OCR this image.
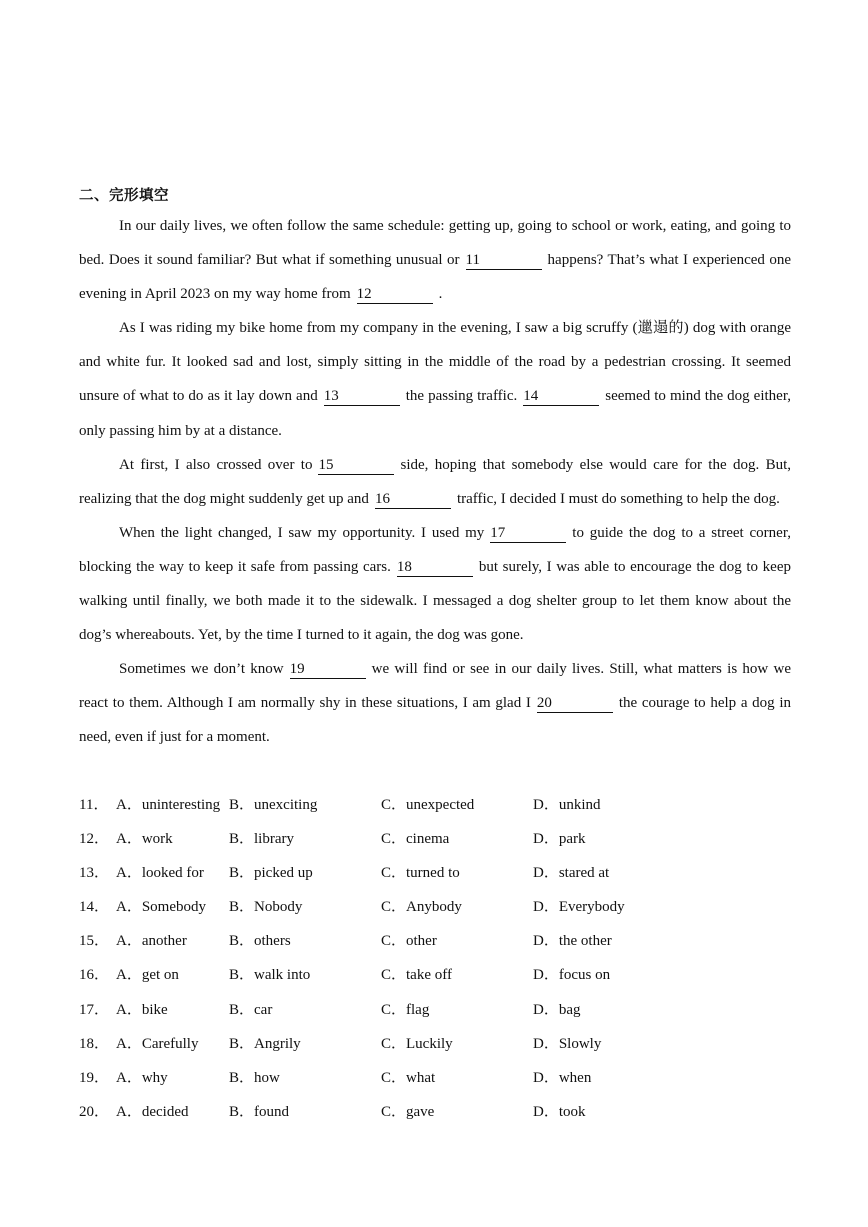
二、完形填空

In our daily lives, we often follow the same schedule: getting up, going to school or work, eating, and going to bed. Does it sound familiar? But what if something unusual or 11	happens? That’s what I experienced one evening in April 2023 on my way home from 12	.

As I was riding my bike home from my company in the evening, I saw a big scruffy (邋遢的) dog with orange and white fur. It looked sad and lost, simply sitting in the middle of the road by a pedestrian crossing. It seemed unsure of what to do as it lay down and 13	the passing traffic. 14	seemed to mind the dog either, only passing him by at a distance.

At first, I also crossed over to 15	side, hoping that somebody else would care for the dog. But, realizing that the dog might suddenly get up and 16	traffic, I decided I must do something to help the dog.

When the light changed, I saw my opportunity. I used my 17	to guide the dog to a street corner, blocking the way to keep it safe from passing cars. 18	but surely, I was able to encourage the dog to keep walking until finally, we both made it to the sidewalk. I messaged a dog shelter group to let them know about the dog’s whereabouts. Yet, by the time I turned to it again, the dog was gone.

Sometimes we don’t know 19	we will find or see in our daily lives. Still, what matters is how we react to them. Although I am normally shy in these situations, I am glad I 20	the courage to help a dog in need, even if just for a moment.

11． A．uninteresting B．unexciting	C．unexpected	D．unkind
12． A．work	B．library	C．cinema	D．park
13． A．looked for B．picked up	C．turned to	D．stared at
14． A．Somebody B．Nobody	C．Anybody	D．Everybody
15． A．another	B．others	C．other	D．the other
16． A．get on	B．walk into	C．take off	D．focus on
17． A．bike	B．car	C．flag	D．bag
18． A．Carefully B．Angrily	C．Luckily	D．Slowly
19． A．why	B．how	C．what	D．when
20． A．decided	B．found	C．gave	D．took
